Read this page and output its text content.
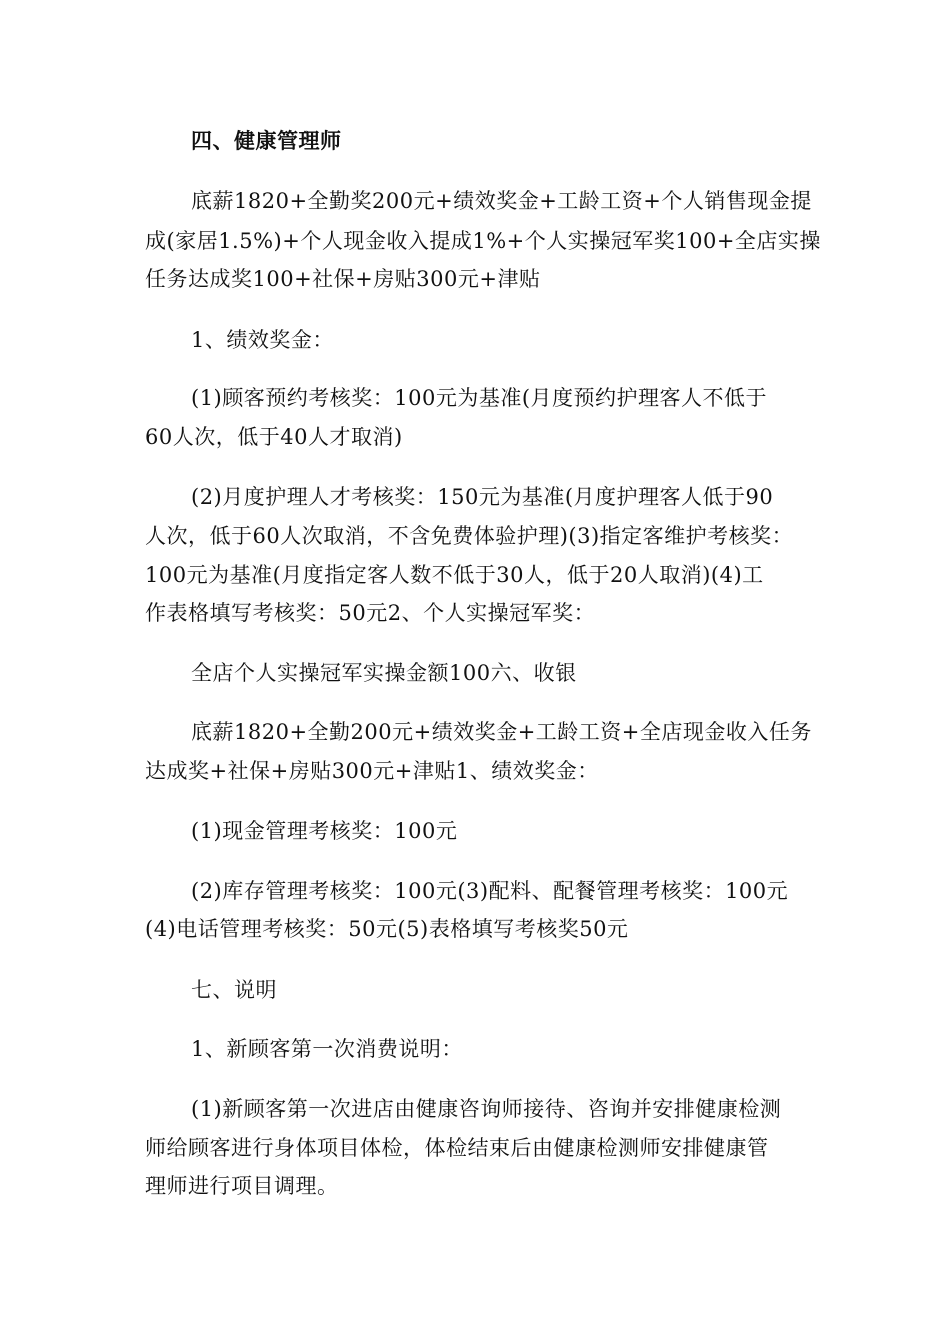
四、健康管理师
底薪1820+全勤奖200元+绩效奖金+工龄工资+个人销售现金提
成(家居1.5%)+个人现金收入提成1%+个人实操冠军奖100+全店实操
任务达成奖100+社保+房贴300元+津贴
1、绩效奖金：
(1)顾客预约考核奖：100元为基准(月度预约护理客人不低于
60人次，低于40人才取消)
(2)月度护理人才考核奖：150元为基准(月度护理客人低于90
人次，低于60人次取消，不含免费体验护理)(3)指定客维护考核奖：
100元为基准(月度指定客人数不低于30人，低于20人取消)(4)工
作表格填写考核奖：50元2、个人实操冠军奖：
全店个人实操冠军实操金额100六、收银
底薪1820+全勤200元+绩效奖金+工龄工资+全店现金收入任务
达成奖+社保+房贴300元+津贴1、绩效奖金：
(1)现金管理考核奖：100元
(2)库存管理考核奖：100元(3)配料、配餐管理考核奖：100元
(4)电话管理考核奖：50元(5)表格填写考核奖50元
七、说明
1、新顾客第一次消费说明：
(1)新顾客第一次进店由健康咨询师接待、咨询并安排健康检测
师给顾客进行身体项目体检，体检结束后由健康检测师安排健康管
理师进行项目调理。
